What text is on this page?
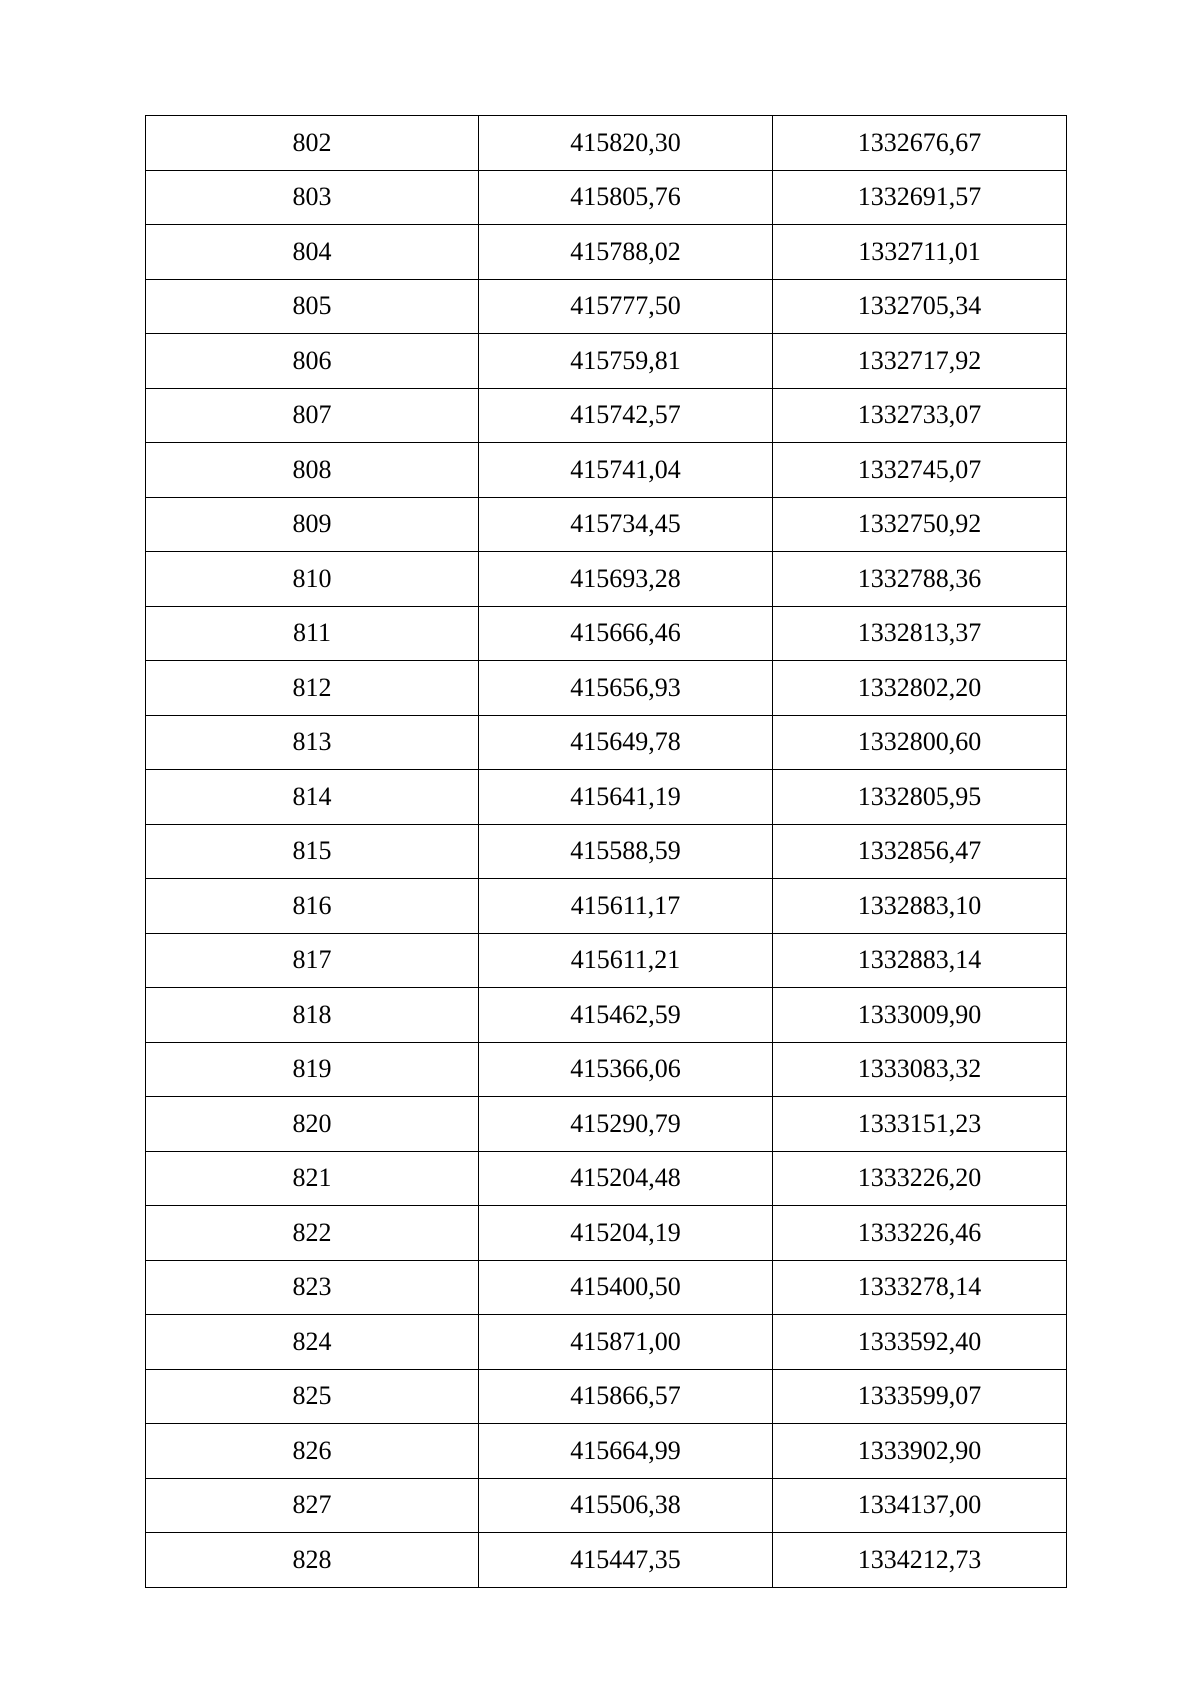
802	415820,30	1332676,67
803	415805,76	1332691,57
804	415788,02	1332711,01
805	415777,50	1332705,34
806	415759,81	1332717,92
807	415742,57	1332733,07
808	415741,04	1332745,07
809	415734,45	1332750,92
810	415693,28	1332788,36
811	415666,46	1332813,37
812	415656,93	1332802,20
813	415649,78	1332800,60
814	415641,19	1332805,95
815	415588,59	1332856,47
816	415611,17	1332883,10
817	415611,21	1332883,14
818	415462,59	1333009,90
819	415366,06	1333083,32
820	415290,79	1333151,23
821	415204,48	1333226,20
822	415204,19	1333226,46
823	415400,50	1333278,14
824	415871,00	1333592,40
825	415866,57	1333599,07
826	415664,99	1333902,90
827	415506,38	1334137,00
828	415447,35	1334212,73
